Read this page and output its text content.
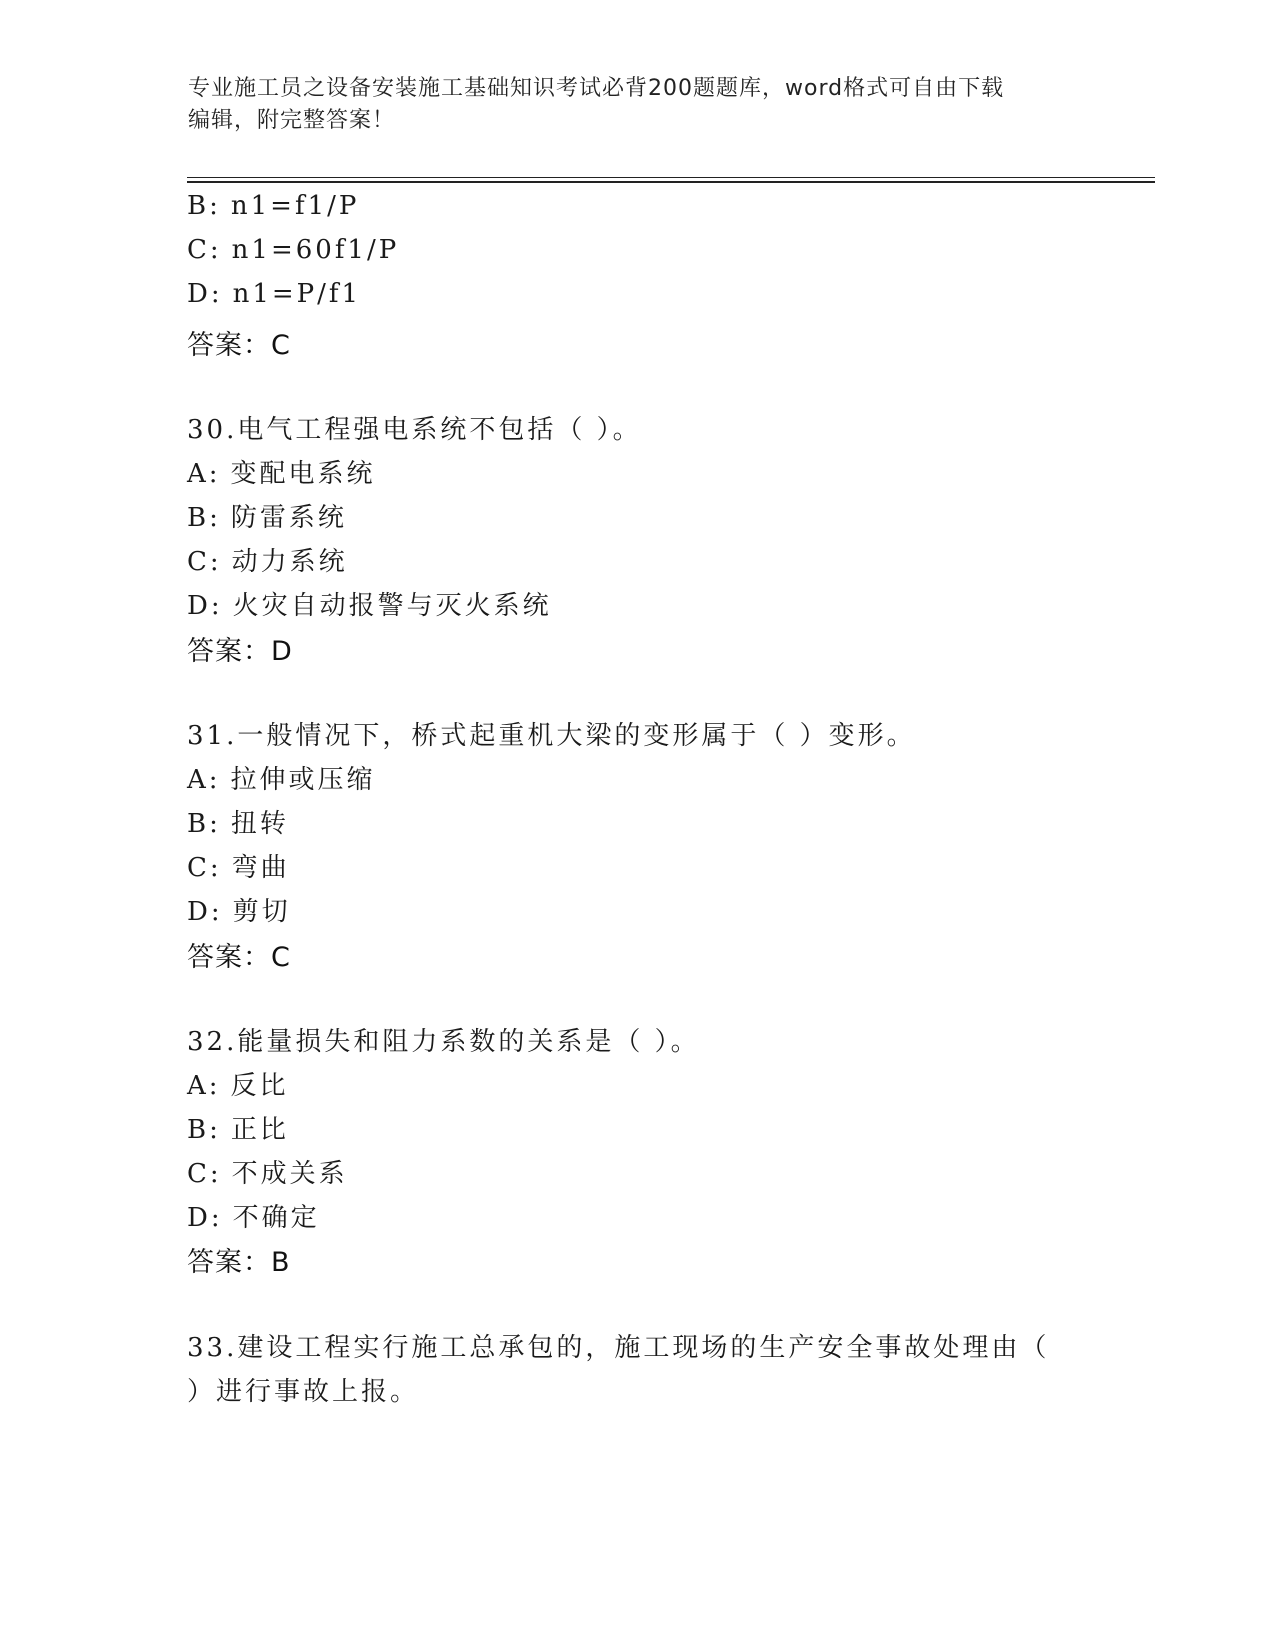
专业施工员之设备安装施工基础知识考试必背200题题库，word格式可自由下载
编辑，附完整答案！
B: n1=f1/P
C: n1=60f1/P
D: n1=P/f1
答案：C
30.电气工程强电系统不包括（ ）。
A: 变配电系统
B: 防雷系统
C: 动力系统
D: 火灾自动报警与灭火系统
答案：D
31.一般情况下，桥式起重机大梁的变形属于（ ）变形。
A: 拉伸或压缩
B: 扭转
C: 弯曲
D: 剪切
答案：C
32.能量损失和阻力系数的关系是（ ）。
A: 反比
B: 正比
C: 不成关系
D: 不确定
答案：B
33.建设工程实行施工总承包的，施工现场的生产安全事故处理由（
）进行事故上报。
